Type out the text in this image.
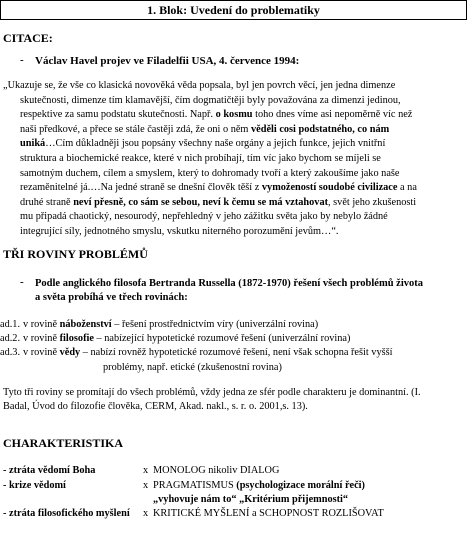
1. Blok: Uvedení do problematiky
CITACE:
- Václav Havel projev ve Filadelfii USA, 4. července 1994:
„Ukazuje se, že vše co klasická novověká věda popsala, byl jen povrch věcí, jen jedna dimenze
skutečnosti, dimenze tím klamavější, čím dogmatičtěji byly považována za dimenzi jedinou,
respektive za samu podstatu skutečnosti. Např. o kosmu toho dnes víme asi nepoměrně víc než
naši předkové, a přece se stále častěji zdá, že oni o něm věděli cosi podstatného, co nám
uniká…Cím důkladněji jsou popsány všechny naše orgány a jejich funkce, jejich vnitřní
struktura a biochemické reakce, které v nich probíhají, tím víc jako bychom se míjeli se
samotným duchem, cílem a smyslem, který to dohromady tvoří a který zakoušíme jako naše
rezaměnitelné já.…Na jedné straně se dnešní člověk těší z vymožeností soudobé civilizace a na
druhé straně neví přesně, co sám se sebou, neví k čemu se má vztahovat, svět jeho zkušenosti
mu připadá chaotický, nesourodý, nepřehledný v jeho zážitku světa jako by nebylo žádné
integrující síly, jednotného smyslu, vskutku niterného porozumění jevům…“.
TŘI ROVINY PROBLÉMŮ
- Podle anglického filosofa Bertranda Russella (1872-1970) řešení všech problémů života
a světa probíhá ve třech rovinách:
ad.1. v rovině náboženství – řešení prostřednictvím víry (univerzální rovina)
ad.2. v rovině filosofie – nabízející hypotetické rozumové řešení (univerzální rovina)
ad.3. v rovině vědy – nabízí rovněž hypotetické rozumové řešení, není však schopna řešit vyšší
problémy, např. etické (zkušenostní rovina)
Tyto tři roviny se promítají do všech problémů, vždy jedna ze sfér podle charakteru je dominantní. (I.
Badal, Úvod do filozofie člověka, CERM, Akad. nakl., s. r. o. 2001,s. 13).
CHARAKTERISTIKA
- ztráta vědomí Boha	x MONOLOG nikoliv DIALOG
- krize vědomí	x PRAGMATISMUS (psychologizace morální řeči)
„vyhovuje nám to“ „Kritérium přijemnosti“
- ztráta filosofického myšlení x KRITICKÉ MYŠLENÍ a SCHOPNOST ROZLIŠOVAT
